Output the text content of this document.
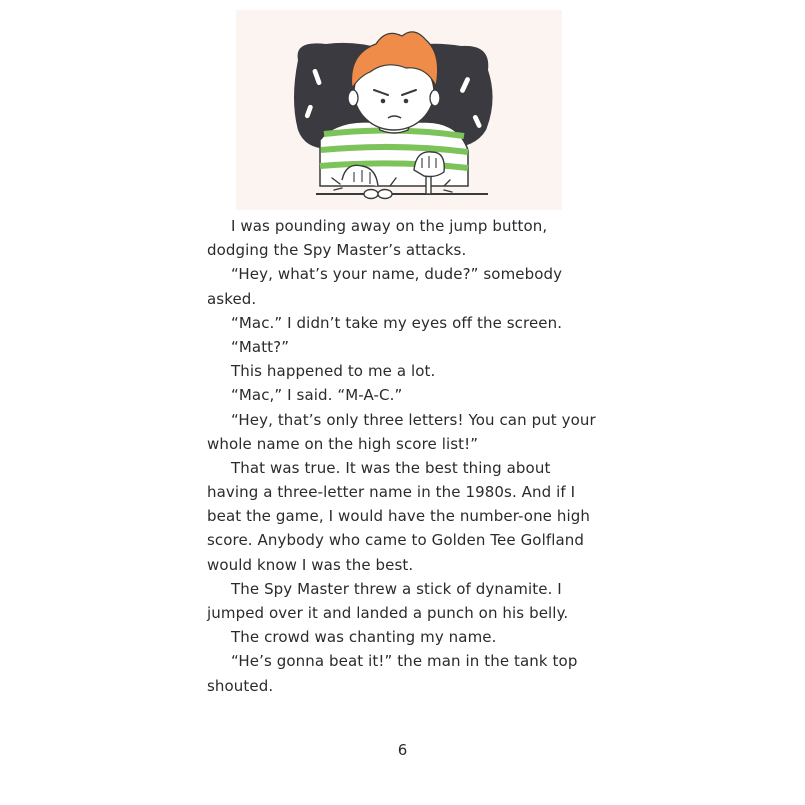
I was pounding away on the jump button,
dodging the Spy Master’s attacks.
“Hey, what’s your name, dude?” somebody
asked.
“Mac.” I didn’t take my eyes off the screen.
“Matt?”
This happened to me a lot.
“Mac,” I said. “M-A-C.”
“Hey, that’s only three letters! You can put your
whole name on the high score list!”
That was true. It was the best thing about
having a three-letter name in the 1980s. And if I
beat the game, I would have the number-one high
score. Anybody who came to Golden Tee Golfland
would know I was the best.
The Spy Master threw a stick of dynamite. I
jumped over it and landed a punch on his belly.
The crowd was chanting my name.
“He’s gonna beat it!” the man in the tank top
shouted.
6
